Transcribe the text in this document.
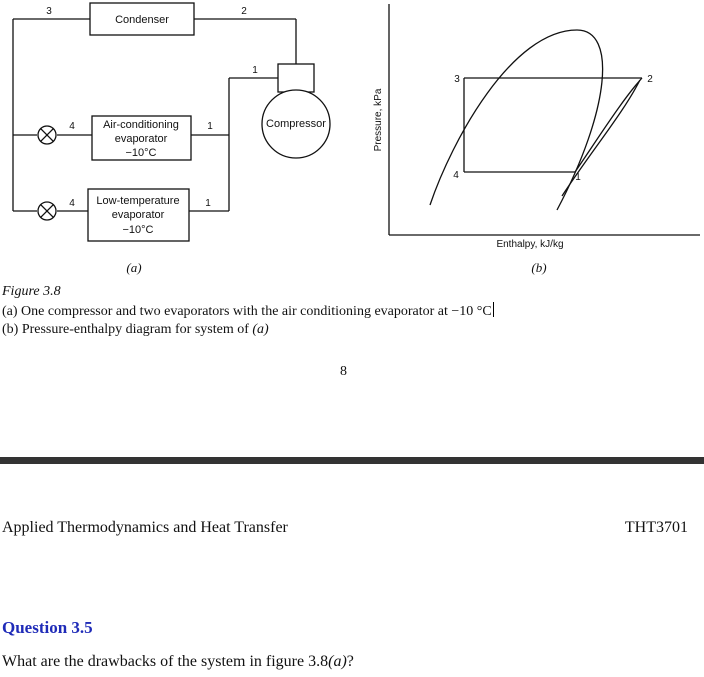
Condenser
Compressor
Air-conditioning
evaporator
−10°C
Low-temperature
evaporator
−10°C
3	2
1
4	1
4	1
(a)
3	2
4	1
Enthalpy, kJ/kg
Pressure, kPa
(b)
Figure 3.8
(a) One compressor and two evaporators with the air conditioning evaporator at −10 °C
(b) Pressure-enthalpy diagram for system of (a)
8
Applied Thermodynamics and Heat Transfer	THT3701
Question 3.5
What are the drawbacks of the system in figure 3.8(a)?
